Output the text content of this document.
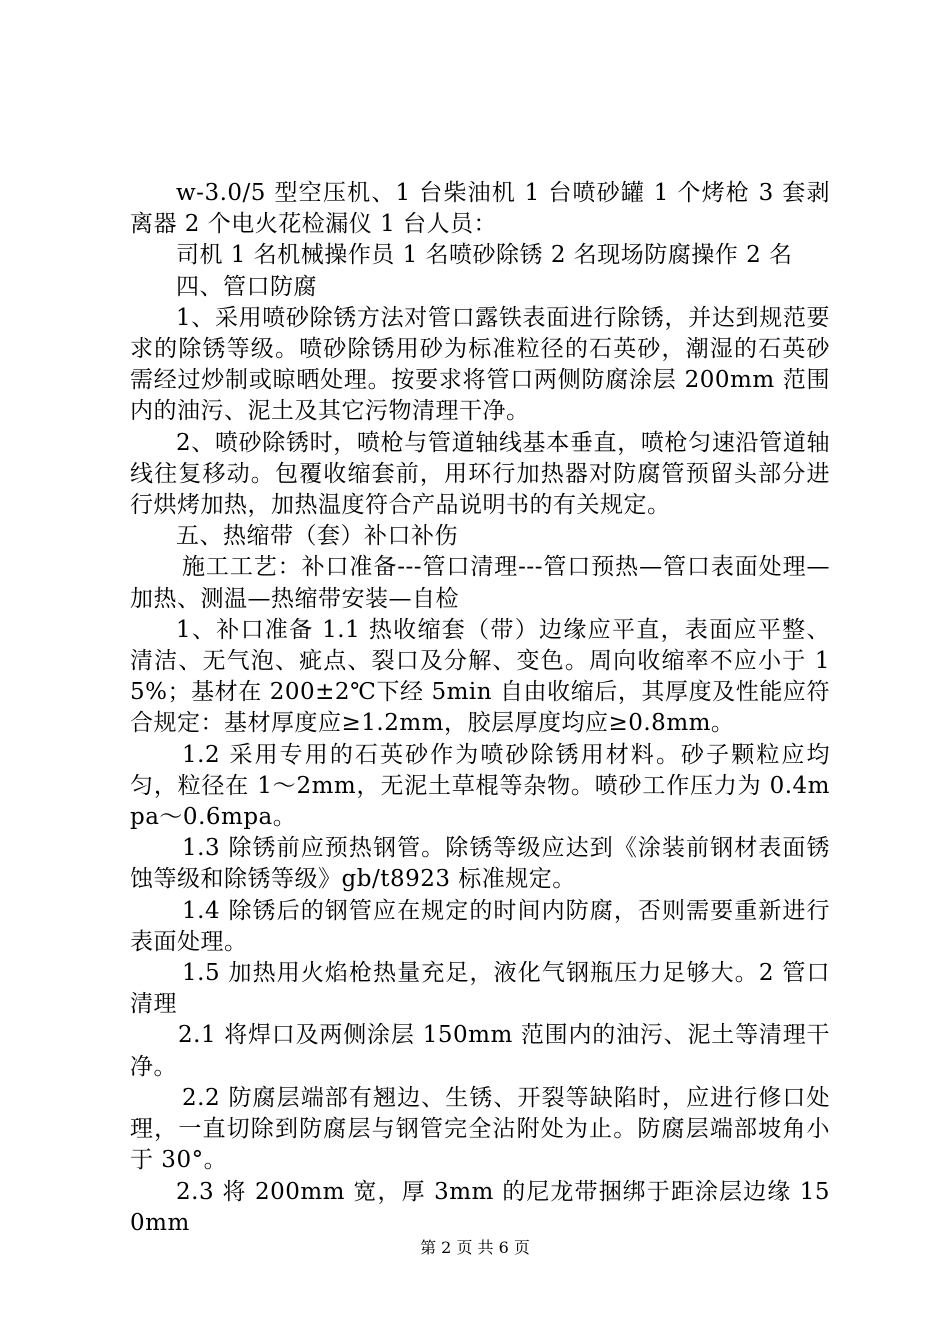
w-3.0/5 型空压机、1 台柴油机 1 台喷砂罐 1 个烤枪 3 套剥离器 2 个电火花检漏仪 1 台人员：

司机 1 名机械操作员 1 名喷砂除锈 2 名现场防腐操作 2 名

四、管口防腐

1、采用喷砂除锈方法对管口露铁表面进行除锈，并达到规范要求的除锈等级。喷砂除锈用砂为标准粒径的石英砂，潮湿的石英砂需经过炒制或晾晒处理。按要求将管口两侧防腐涂层 200mm 范围内的油污、泥土及其它污物清理干净。

2、喷砂除锈时，喷枪与管道轴线基本垂直，喷枪匀速沿管道轴线往复移动。包覆收缩套前，用环行加热器对防腐管预留头部分进行烘烤加热，加热温度符合产品说明书的有关规定。

五、热缩带（套）补口补伤

施工工艺：补口准备---管口清理---管口预热—管口表面处理—加热、测温—热缩带安装—自检

1、补口准备 1.1 热收缩套（带）边缘应平直，表面应平整、清洁、无气泡、疵点、裂口及分解、变色。周向收缩率不应小于 15%；基材在 200±2℃下经 5min 自由收缩后，其厚度及性能应符合规定：基材厚度应≥1.2mm，胶层厚度均应≥0.8mm。

1.2 采用专用的石英砂作为喷砂除锈用材料。砂子颗粒应均匀，粒径在 1～2mm，无泥土草棍等杂物。喷砂工作压力为 0.4mpa～0.6mpa。

1.3 除锈前应预热钢管。除锈等级应达到《涂装前钢材表面锈蚀等级和除锈等级》gb/t8923 标准规定。

1.4 除锈后的钢管应在规定的时间内防腐，否则需要重新进行表面处理。

1.5 加热用火焰枪热量充足，液化气钢瓶压力足够大。2 管口清理

2.1 将焊口及两侧涂层 150mm 范围内的油污、泥土等清理干净。

2.2 防腐层端部有翘边、生锈、开裂等缺陷时，应进行修口处理，一直切除到防腐层与钢管完全沾附处为止。防腐层端部坡角小于 30°。

2.3 将 200mm 宽，厚 3mm 的尼龙带捆绑于距涂层边缘 150mm

第 2 页 共 6 页
